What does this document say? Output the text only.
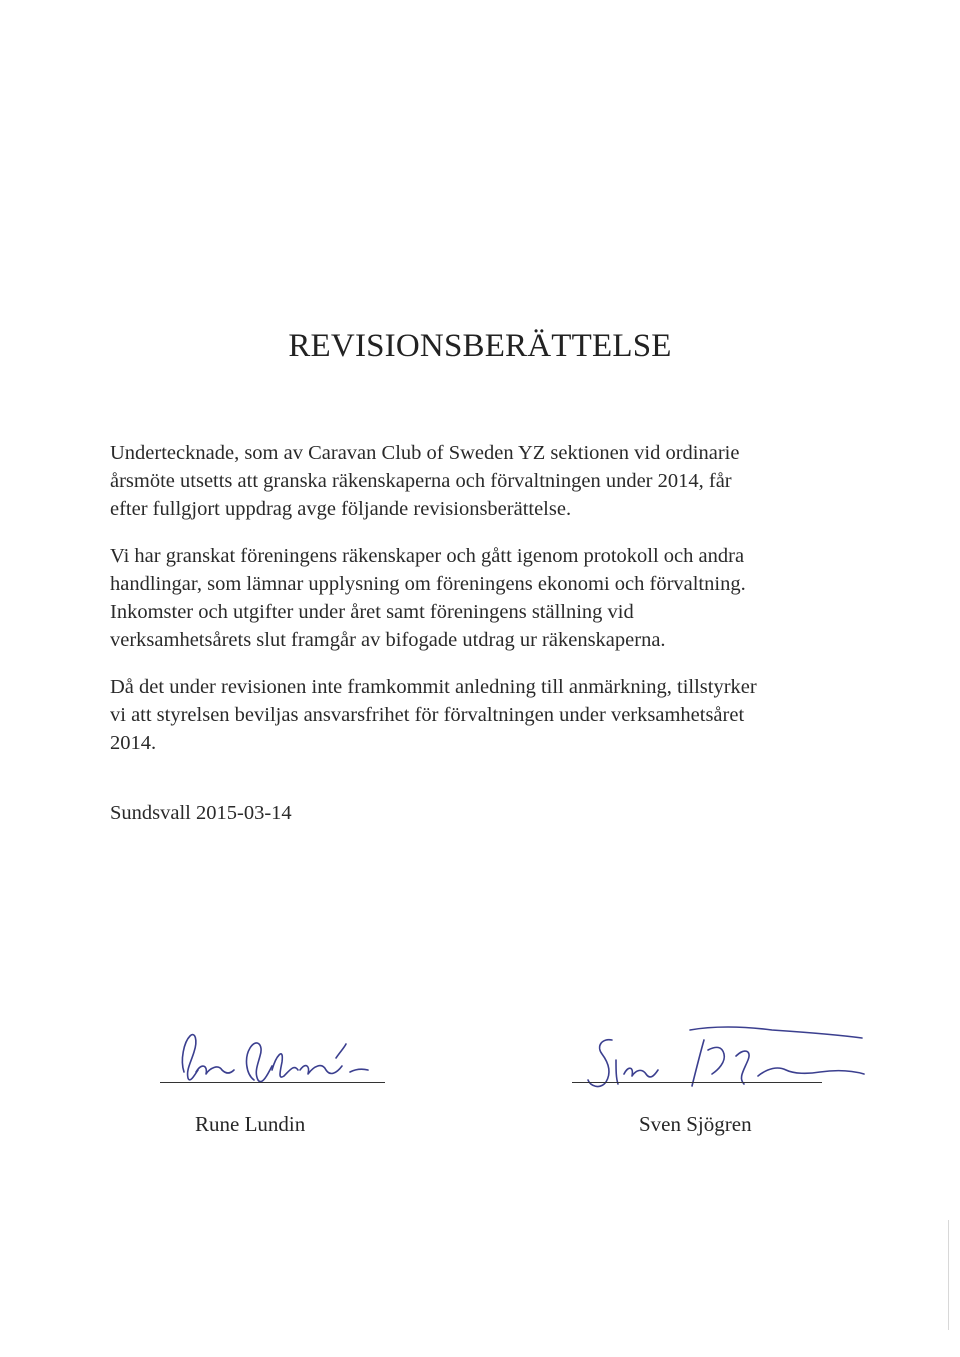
REVISIONSBERÄTTELSE
Undertecknade, som av Caravan Club of Sweden YZ sektionen vid ordinarie
årsmöte utsetts att granska räkenskaperna och förvaltningen under 2014, får
efter fullgjort uppdrag avge följande revisionsberättelse.
Vi har granskat föreningens räkenskaper och gått igenom protokoll och andra
handlingar, som lämnar upplysning om föreningens ekonomi och förvaltning.
Inkomster och utgifter under året samt föreningens ställning vid
verksamhetsårets slut framgår av bifogade utdrag ur räkenskaperna.
Då det under revisionen inte framkommit anledning till anmärkning, tillstyrker
vi att styrelsen beviljas ansvarsfrihet för förvaltningen under verksamhetsåret
2014.
Sundsvall 2015-03-14
Rune Lundin	Sven Sjögren
